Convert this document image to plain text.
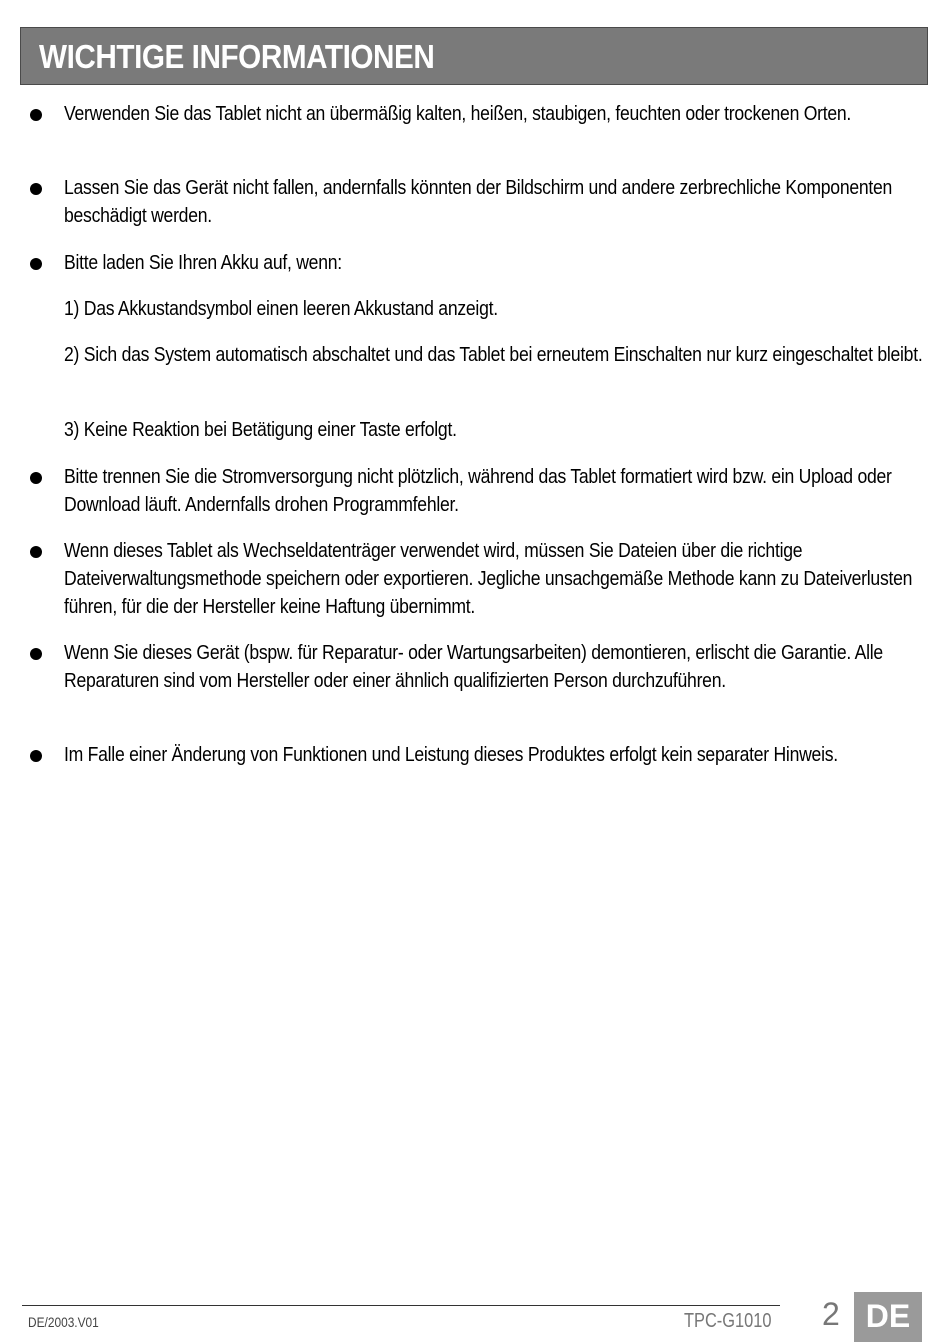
WICHTIGE INFORMATIONEN
Verwenden Sie das Tablet nicht an übermäßig kalten, heißen, staubigen, feuchten oder trockenen Orten.
Lassen Sie das Gerät nicht fallen, andernfalls könnten der Bildschirm und andere zerbrechliche Komponenten beschädigt werden.
Bitte laden Sie Ihren Akku auf, wenn:
1) Das Akkustandsymbol einen leeren Akkustand anzeigt.
2) Sich das System automatisch abschaltet und das Tablet bei erneutem Einschalten nur kurz eingeschaltet bleibt.
3) Keine Reaktion bei Betätigung einer Taste erfolgt.
Bitte trennen Sie die Stromversorgung nicht plötzlich, während das Tablet formatiert wird bzw. ein Upload oder Download läuft. Andernfalls drohen Programmfehler.
Wenn dieses Tablet als Wechseldatenträger verwendet wird, müssen Sie Dateien über die richtige Dateiverwaltungsmethode speichern oder exportieren. Jegliche unsachgemäße Methode kann zu Dateiverlusten führen, für die der Hersteller keine Haftung übernimmt.
Wenn Sie dieses Gerät (bspw. für Reparatur- oder Wartungsarbeiten) demontieren, erlischt die Garantie. Alle Reparaturen sind vom Hersteller oder einer ähnlich qualifizierten Person durchzuführen.
Im Falle einer Änderung von Funktionen und Leistung dieses Produktes erfolgt kein separater Hinweis.
DE/2003.V01	TPC-G1010 2 DE
